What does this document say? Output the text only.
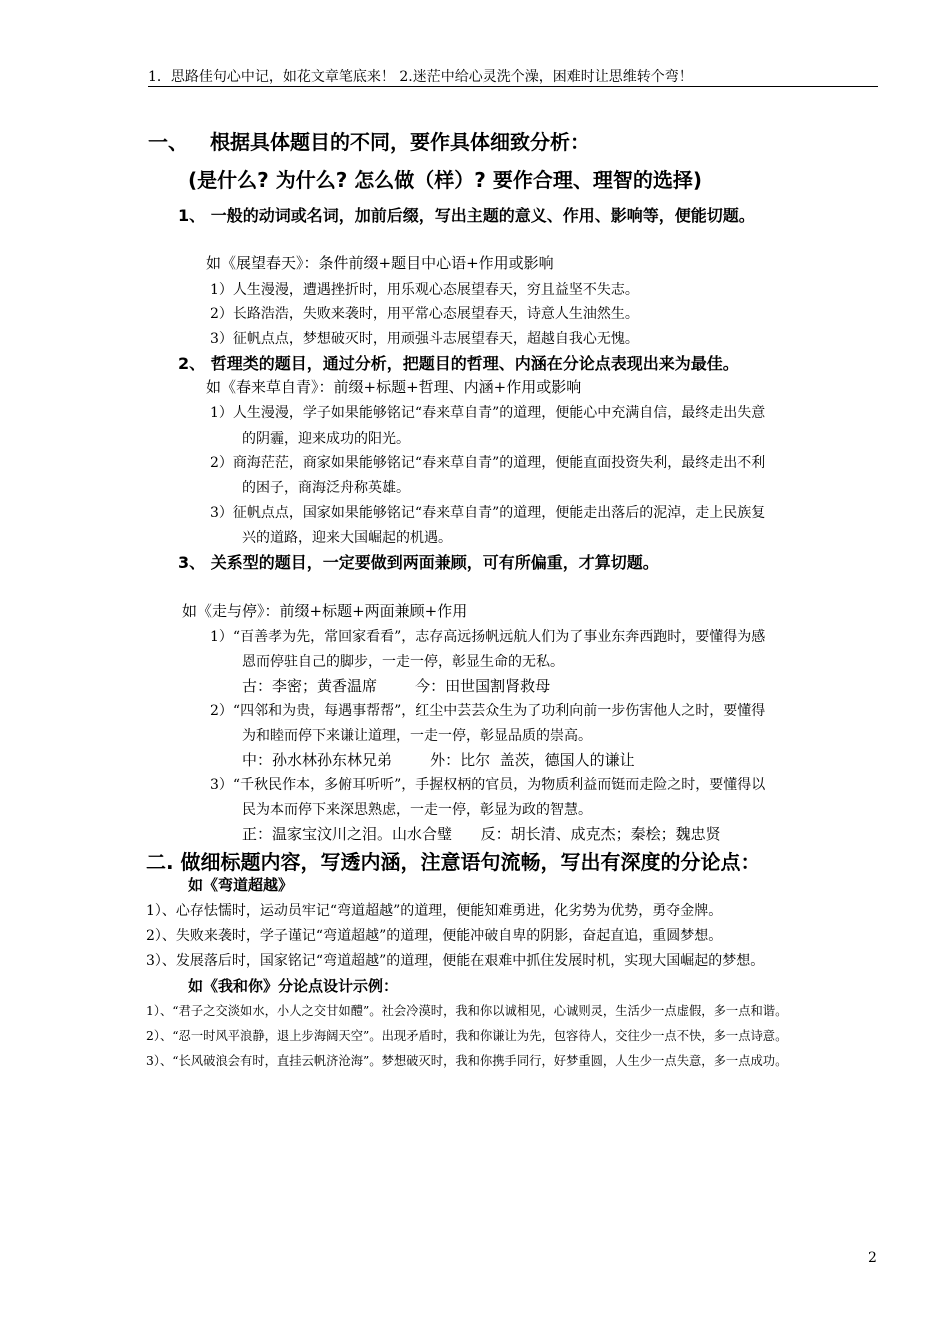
1．思路佳句心中记，如花文章笔底来！ 2.迷茫中给心灵洗个澡，困难时让思维转个弯！
一、 根据具体题目的不同，要作具体细致分析：
(是什么? 为什么? 怎么做（样）? 要作合理、理智的选择)
1、 一般的动词或名词，加前后缀，写出主题的意义、作用、影响等，便能切题。
如《展望春天》：条件前缀+题目中心语+作用或影响
1）人生漫漫，遭遇挫折时，用乐观心态展望春天，穷且益坚不失志。
2）长路浩浩，失败来袭时，用平常心态展望春天，诗意人生油然生。
3）征帆点点，梦想破灭时，用顽强斗志展望春天，超越自我心无愧。
2、 哲理类的题目，通过分析，把题目的哲理、内涵在分论点表现出来为最佳。
如《春来草自青》：前缀+标题+哲理、内涵+作用或影响
1）人生漫漫，学子如果能够铭记“春来草自青”的道理，便能心中充满自信，最终走出失意
的阴霾，迎来成功的阳光。
2）商海茫茫，商家如果能够铭记“春来草自青”的道理，便能直面投资失利，最终走出不利
的困子，商海泛舟称英雄。
3）征帆点点，国家如果能够铭记“春来草自青”的道理，便能走出落后的泥淖，走上民族复
兴的道路，迎来大国崛起的机遇。
3、 关系型的题目，一定要做到两面兼顾，可有所偏重，才算切题。
如《走与停》：前缀+标题+两面兼顾+作用
1）“百善孝为先，常回家看看”，志存高远扬帆远航人们为了事业东奔西跑时，要懂得为感
恩而停驻自己的脚步，一走一停，彰显生命的无私。
古：李密；黄香温席        今：田世国割肾救母
2）“四邻和为贵，每遇事帮帮”，红尘中芸芸众生为了功利向前一步伤害他人之时，要懂得
为和睦而停下来谦让道理，一走一停，彰显品质的崇高。
中：孙水林孙东林兄弟        外：比尔  盖茨，德国人的谦让
3）“千秋民作本，多俯耳听听”，手握权柄的官员，为物质利益而铤而走险之时，要懂得以
民为本而停下来深思熟虑，一走一停，彰显为政的智慧。
正：温家宝汶川之泪。山水合璧      反：胡长清、成克杰；秦桧；魏忠贤
二. 做细标题内容，写透内涵，注意语句流畅，写出有深度的分论点：
如《弯道超越》
1）、心存怯懦时，运动员牢记“弯道超越”的道理，便能知难勇进，化劣势为优势，勇夺金牌。
2）、失败来袭时，学子谨记“弯道超越”的道理，便能冲破自卑的阴影，奋起直追，重圆梦想。
3）、发展落后时，国家铭记“弯道超越”的道理，便能在艰难中抓住发展时机，实现大国崛起的梦想。
如《我和你》分论点设计示例：
1）、“君子之交淡如水，小人之交甘如醴”。社会冷漠时，我和你以诚相见，心诚则灵，生活少一点虚假，多一点和谐。
2）、“忍一时风平浪静，退上步海阔天空”。出现矛盾时，我和你谦让为先，包容待人，交往少一点不快，多一点诗意。
3）、“长风破浪会有时，直挂云帆济沧海”。梦想破灭时，我和你携手同行，好梦重圆，人生少一点失意，多一点成功。
2
